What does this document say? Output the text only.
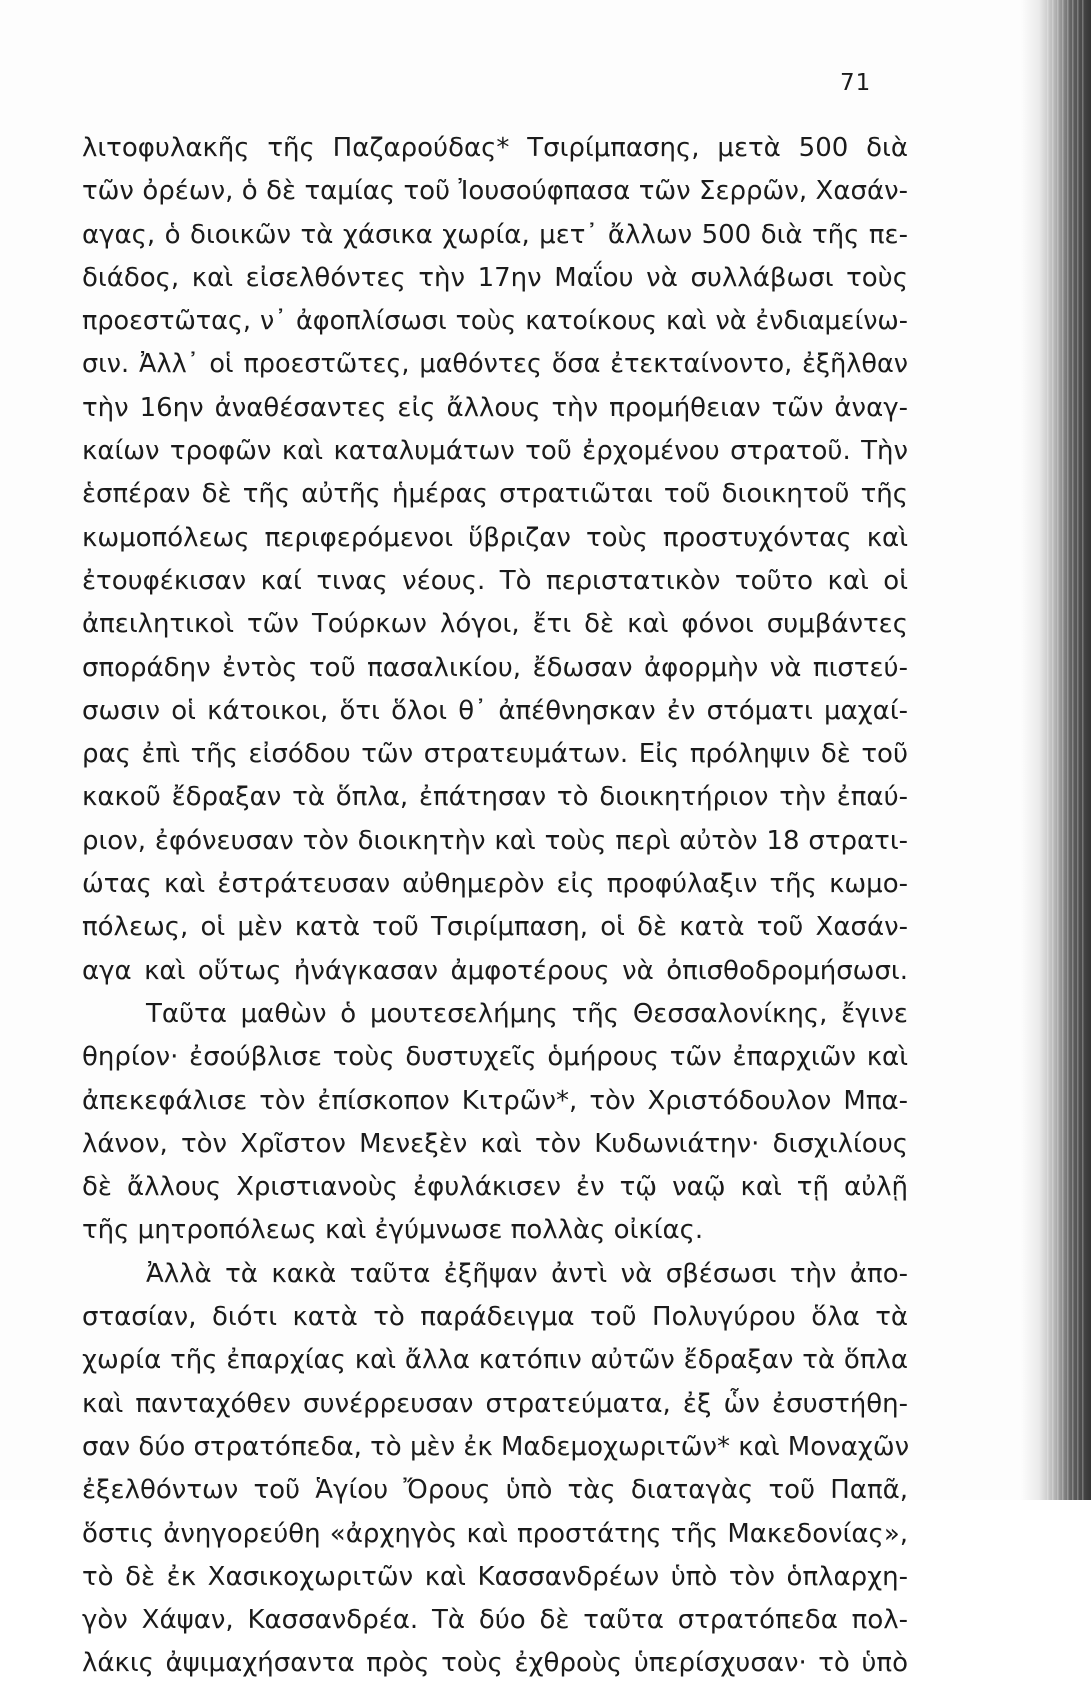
71
λιτοφυλακῆς τῆς Παζαρούδας* Τσιρίμπασης, μετὰ 500 διὰ
τῶν ὀρέων, ὁ δὲ ταμίας τοῦ Ἰουσούφπασα τῶν Σερρῶν, Χασάν-
αγας, ὁ διοικῶν τὰ χάσικα χωρία, μετ᾽ ἄλλων 500 διὰ τῆς πε-
διάδος, καὶ εἰσελθόντες τὴν 17ην Μαΐου νὰ συλλάβωσι τοὺς
προεστῶτας, ν᾽ ἀφοπλίσωσι τοὺς κατοίκους καὶ νὰ ἐνδιαμείνω-
σιν. Ἀλλ᾽ οἱ προεστῶτες, μαθόντες ὅσα ἐτεκταίνοντο, ἐξῆλθαν
τὴν 16ην ἀναθέσαντες εἰς ἄλλους τὴν προμήθειαν τῶν ἀναγ-
καίων τροφῶν καὶ καταλυμάτων τοῦ ἐρχομένου στρατοῦ. Τὴν
ἑσπέραν δὲ τῆς αὐτῆς ἡμέρας στρατιῶται τοῦ διοικητοῦ τῆς
κωμοπόλεως περιφερόμενοι ὕβριζαν τοὺς προστυχόντας καὶ
ἐτουφέκισαν καί τινας νέους. Τὸ περιστατικὸν τοῦτο καὶ οἱ
ἀπειλητικοὶ τῶν Τούρκων λόγοι, ἔτι δὲ καὶ φόνοι συμβάντες
σποράδην ἐντὸς τοῦ πασαλικίου, ἔδωσαν ἀφορμὴν νὰ πιστεύ-
σωσιν οἱ κάτοικοι, ὅτι ὅλοι θ᾽ ἀπέθνησκαν ἐν στόματι μαχαί-
ρας ἐπὶ τῆς εἰσόδου τῶν στρατευμάτων. Εἰς πρόληψιν δὲ τοῦ
κακοῦ ἔδραξαν τὰ ὅπλα, ἐπάτησαν τὸ διοικητήριον τὴν ἐπαύ-
ριον, ἐφόνευσαν τὸν διοικητὴν καὶ τοὺς περὶ αὐτὸν 18 στρατι-
ώτας καὶ ἐστράτευσαν αὐθημερὸν εἰς προφύλαξιν τῆς κωμο-
πόλεως, οἱ μὲν κατὰ τοῦ Τσιρίμπαση, οἱ δὲ κατὰ τοῦ Χασάν-
αγα καὶ οὕτως ἠνάγκασαν ἀμφοτέρους νὰ ὀπισθοδρομήσωσι.
Ταῦτα μαθὼν ὁ μουτεσελήμης τῆς Θεσσαλονίκης, ἔγινε
θηρίον· ἐσούβλισε τοὺς δυστυχεῖς ὁμήρους τῶν ἐπαρχιῶν καὶ
ἀπεκεφάλισε τὸν ἐπίσκοπον Κιτρῶν*, τὸν Χριστόδουλον Μπα-
λάνον, τὸν Χρῖστον Μενεξὲν καὶ τὸν Κυδωνιάτην· δισχιλίους
δὲ ἄλλους Χριστιανοὺς ἐφυλάκισεν ἐν τῷ ναῷ καὶ τῇ αὐλῇ
τῆς μητροπόλεως καὶ ἐγύμνωσε πολλὰς οἰκίας.
Ἀλλὰ τὰ κακὰ ταῦτα ἐξῆψαν ἀντὶ νὰ σβέσωσι τὴν ἀπο-
στασίαν, διότι κατὰ τὸ παράδειγμα τοῦ Πολυγύρου ὅλα τὰ
χωρία τῆς ἐπαρχίας καὶ ἄλλα κατόπιν αὐτῶν ἔδραξαν τὰ ὅπλα
καὶ πανταχόθεν συνέρρευσαν στρατεύματα, ἐξ ὧν ἐσυστήθη-
σαν δύο στρατόπεδα, τὸ μὲν ἐκ Μαδεμοχωριτῶν* καὶ Μοναχῶν
ἐξελθόντων τοῦ Ἁγίου Ὄρους ὑπὸ τὰς διαταγὰς τοῦ Παπᾶ,
ὅστις ἀνηγορεύθη «ἀρχηγὸς καὶ προστάτης τῆς Μακεδονίας»,
τὸ δὲ ἐκ Χασικοχωριτῶν καὶ Κασσανδρέων ὑπὸ τὸν ὁπλαρχη-
γὸν Χάψαν, Κασσανδρέα. Τὰ δύο δὲ ταῦτα στρατόπεδα πολ-
λάκις ἀψιμαχήσαντα πρὸς τοὺς ἐχθροὺς ὑπερίσχυσαν· τὸ ὑπὸ
